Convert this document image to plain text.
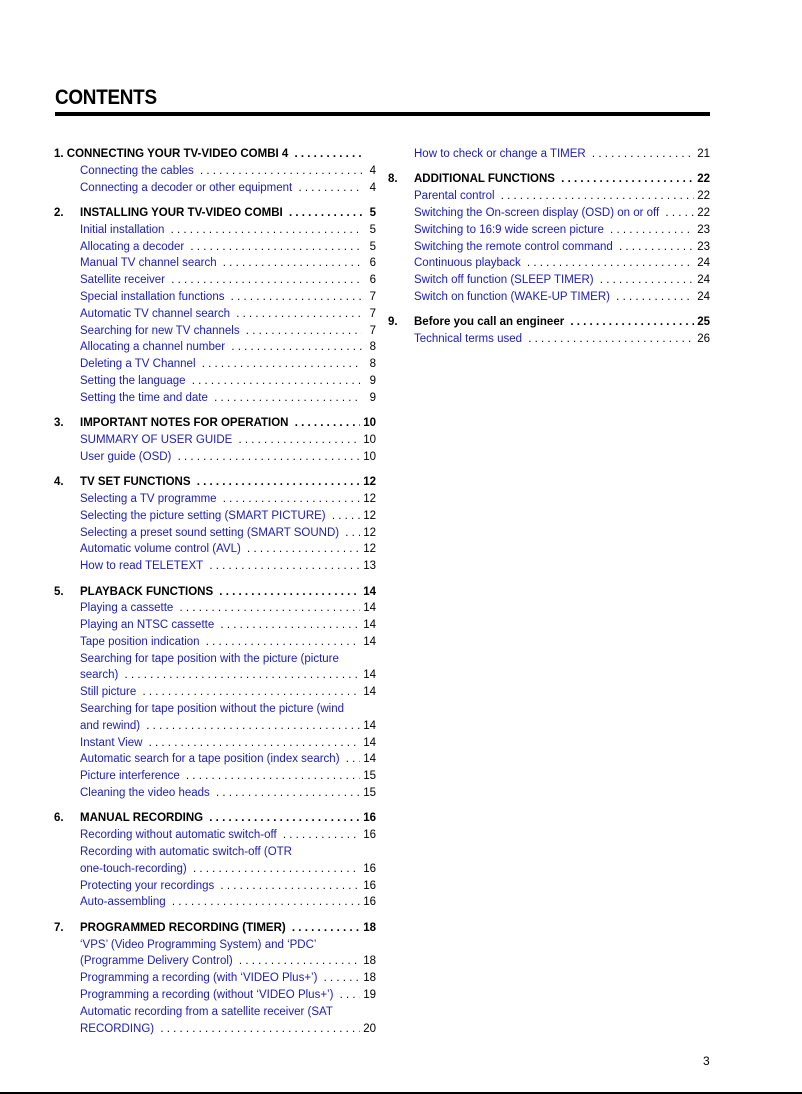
CONTENTS
1. CONNECTING YOUR TV-VIDEO COMBI 4 . . .
Connecting the cables . . .	4
Connecting a decoder or other equipment . . .	4
2. INSTALLING YOUR TV-VIDEO COMBI . . .	5
Initial installation . . .	5
Allocating a decoder . . .	5
Manual TV channel search . . .	6
Satellite receiver . . .	6
Special installation functions . . .	7
Automatic TV channel search . . .	7
Searching for new TV channels . . .	7
Allocating a channel number . . .	8
Deleting a TV Channel . . .	8
Setting the language . . .	9
Setting the time and date . . .	9
3. IMPORTANT NOTES FOR OPERATION . . .	10
SUMMARY OF USER GUIDE . . .	10
User guide (OSD) . . .	10
4. TV SET FUNCTIONS . . .	12
Selecting a TV programme . . .	12
Selecting the picture setting (SMART PICTURE) . . .	12
Selecting a preset sound setting (SMART SOUND) . . .	12
Automatic volume control (AVL) . . .	12
How to read TELETEXT . . .	13
5. PLAYBACK FUNCTIONS . . .	14
Playing a cassette . . .	14
Playing an NTSC cassette . . .	14
Tape position indication . . .	14
Searching for tape position with the picture (picture
search) . . .	14
Still picture . . .	14
Searching for tape position without the picture (wind
and rewind) . . .	14
Instant View . . .	14
Automatic search for a tape position (index search) . . .	14
Picture interference . . .	15
Cleaning the video heads . . .	15
6. MANUAL RECORDING . . .	16
Recording without automatic switch-off . . .	16
Recording with automatic switch-off (OTR
one-touch-recording) . . .	16
Protecting your recordings . . .	16
Auto-assembling . . .	16
7. PROGRAMMED RECORDING (TIMER) . . .	18
‘VPS’ (Video Programming System) and ‘PDC’
(Programme Delivery Control) . . .	18
Programming a recording (with ‘VIDEO Plus+’) . . .	18
Programming a recording (without ‘VIDEO Plus+’) . . .	19
Automatic recording from a satellite receiver (SAT
RECORDING) . . .	20
How to check or change a TIMER . . .	21
8. ADDITIONAL FUNCTIONS . . .	22
Parental control . . .	22
Switching the On-screen display (OSD) on or off . . .	22
Switching to 16:9 wide screen picture . . .	23
Switching the remote control command . . .	23
Continuous playback . . .	24
Switch off function (SLEEP TIMER) . . .	24
Switch on function (WAKE-UP TIMER) . . .	24
9. Before you call an engineer . . .	25
Technical terms used . . .	26
3
